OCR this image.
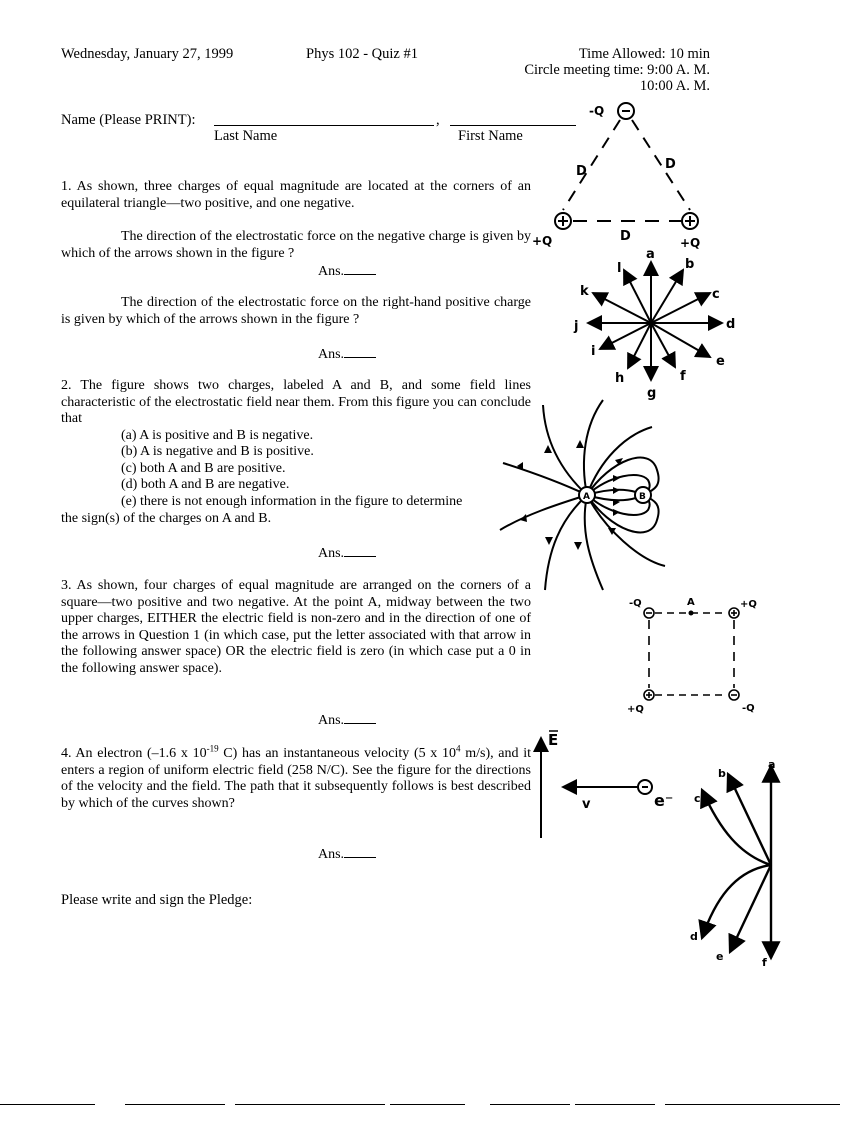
Wednesday, January 27, 1999	Phys 102 - Quiz #1	Time Allowed: 10 min
Circle meeting time: 9:00 A. M.
10:00 A. M.
Name (Please PRINT):	,
Last Name	First Name
1. As shown, three charges of equal magnitude are located at the corners of an equilateral triangle—two positive, and one negative.
The direction of the electrostatic force on the negative charge is given by which of the arrows shown in the figure ?
Ans.
The direction of the electrostatic force on the right-hand positive charge is given by which of the arrows shown in the figure ?
Ans.
-Q
+Q	+Q
D	D
D
a
b
c
d
e
f
g
h
i
j
k
l
2. The figure shows two charges, labeled A and B, and some field lines characteristic of the electrostatic field near them. From this figure you can conclude that
(a) A is positive and B is negative.
(b) A is negative and B is positive.
(c) both A and B are positive.
(d) both A and B are negative.
(e) there is not enough information in the figure to determine
the sign(s) of the charges on A and B.
Ans.
A	B
3. As shown, four charges of equal magnitude are arranged on the corners of a square—two positive and two negative. At the point A, midway between the two upper charges, EITHER the electric field is non-zero and in the direction of one of the arrows in Question 1 (in which case, put the letter associated with that arrow in the following answer space) OR the electric field is zero (in which case put a 0 in the following answer space).
Ans.
-Q	+Q
+Q	-Q
A
4. An electron (–1.6 x $10^{-19}$ C) has an instantaneous velocity (5 x $10^4$ m/s), and it enters a region of uniform electric field (258 N/C). See the figure for the directions of the velocity and the field. The path that it subsequently follows is best described by which of the curves shown?
Ans.
E
v	e⁻
a
b
c
d
e	f
Please write and sign the Pledge:
